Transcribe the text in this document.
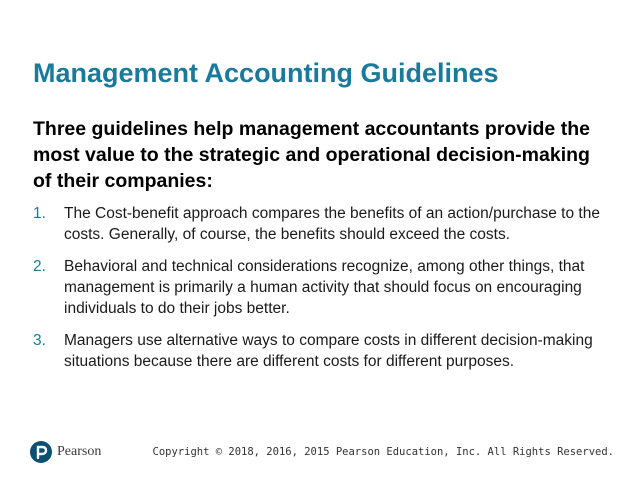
Management Accounting Guidelines

Three guidelines help management accountants provide the most value to the strategic and operational decision-making of their companies:

1. The Cost-benefit approach compares the benefits of an action/purchase to the costs. Generally, of course, the benefits should exceed the costs.
2. Behavioral and technical considerations recognize, among other things, that management is primarily a human activity that should focus on encouraging individuals to do their jobs better.
3. Managers use alternative ways to compare costs in different decision-making situations because there are different costs for different purposes.
Pearson	Copyright © 2018, 2016, 2015 Pearson Education, Inc. All Rights Reserved.
